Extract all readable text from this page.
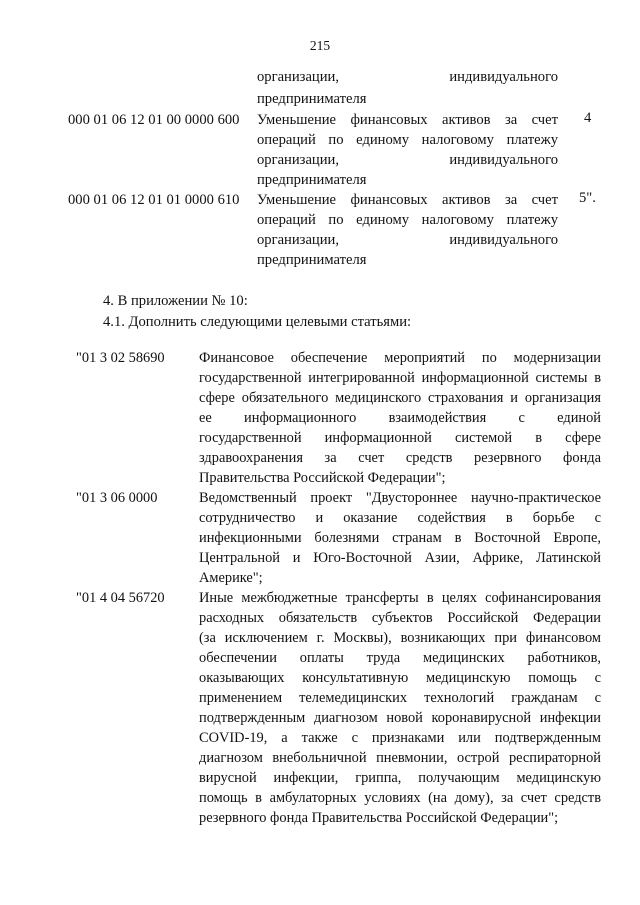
215

организации, индивидуального

предпринимателя

000 01 06 12 01 00 0000 600 Уменьшение финансовых активов за счет

операций по единому налоговому платежу

организации, индивидуального

предпринимателя

4

000 01 06 12 01 01 0000 610 Уменьшение финансовых активов за счет

операций по единому налоговому платежу

организации, индивидуального

предпринимателя

5".

4. В приложении № 10:

4.1. Дополнить следующими целевыми статьями:

"01 3 02 58690 Финансовое обеспечение мероприятий по модернизации

государственной интегрированной информационной системы в

сфере обязательного медицинского страхования и организация

ее информационного взаимодействия с единой

государственной информационной системой в сфере

здравоохранения за счет средств резервного фонда

Правительства Российской Федерации";

"01 3 06 0000	Ведомственный проект "Двустороннее научно-практическое

сотрудничество и оказание содействия в борьбе с

инфекционными болезнями странам в Восточной Европе,

Центральной и Юго-Восточной Азии, Африке, Латинской

Америке";

"01 4 04 56720 Иные межбюджетные трансферты в целях софинансирования

расходных обязательств субъектов Российской Федерации

(за исключением г. Москвы), возникающих при финансовом

обеспечении оплаты труда медицинских работников,

оказывающих консультативную медицинскую помощь с

применением телемедицинских технологий гражданам с

подтвержденным диагнозом новой коронавирусной инфекции

COVID-19, а также с признаками или подтвержденным

диагнозом внебольничной пневмонии, острой респираторной

вирусной инфекции, гриппа, получающим медицинскую

помощь в амбулаторных условиях (на дому), за счет средств

резервного фонда Правительства Российской Федерации";
